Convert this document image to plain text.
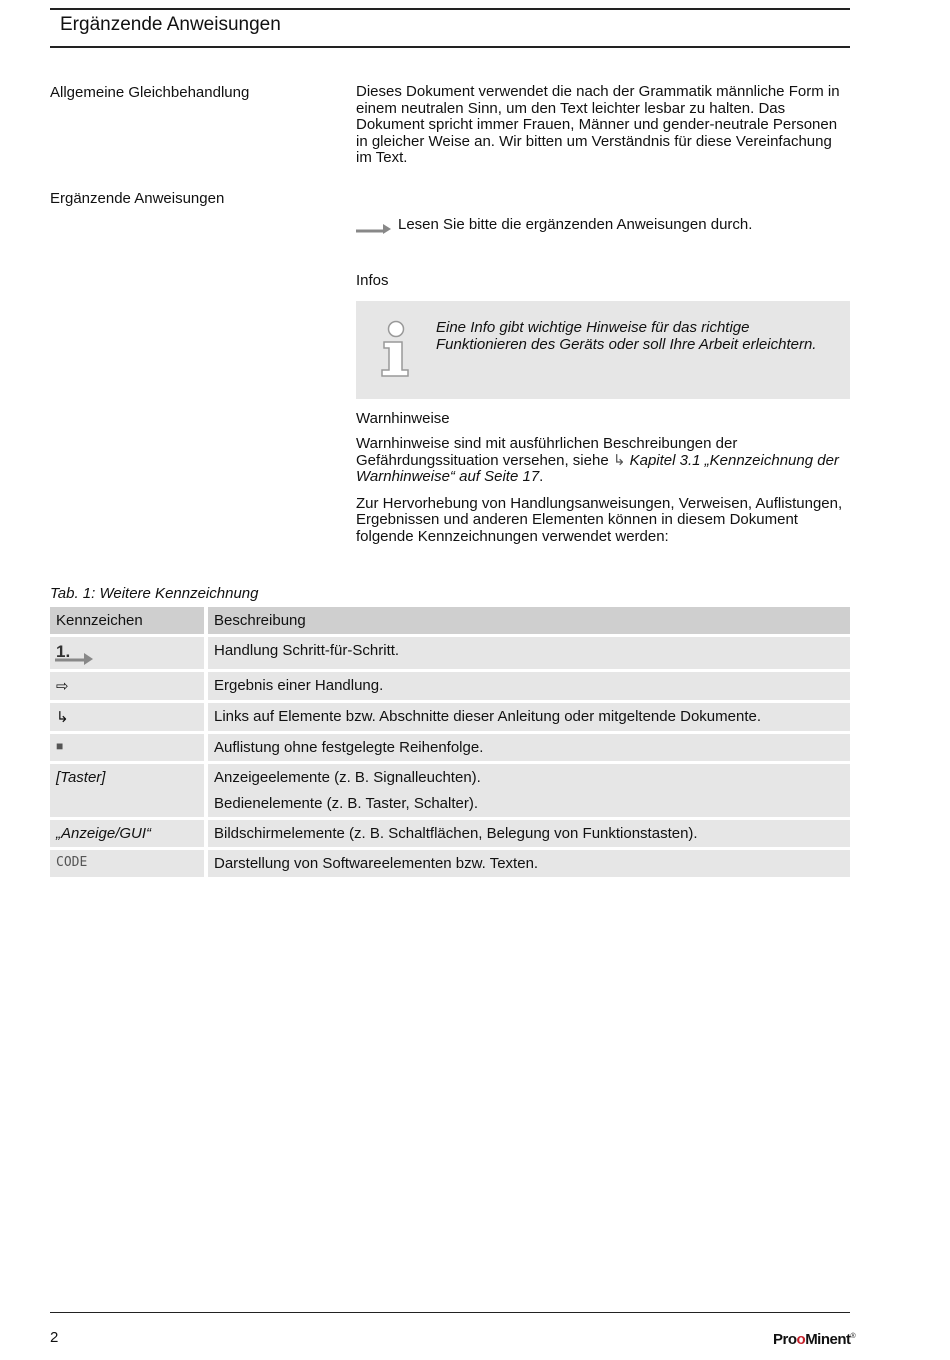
Ergänzende Anweisungen
Allgemeine Gleichbehandlung	Dieses Dokument verwendet die nach der Grammatik männliche Form in einem neutralen Sinn, um den Text leichter lesbar zu halten. Das Dokument spricht immer Frauen, Männer und gender-neutrale Personen in gleicher Weise an. Wir bitten um Verständnis für diese Vereinfachung im Text.

Ergänzende Anweisungen
Lesen Sie bitte die ergänzenden Anweisungen durch.
Infos
Eine Info gibt wichtige Hinweise für das richtige Funktionieren des Geräts oder soll Ihre Arbeit erleichtern.
Warnhinweise

Warnhinweise sind mit ausführlichen Beschreibungen der Gefährdungssituation versehen, siehe ↳ Kapitel 3.1 „Kennzeichnung der Warnhinweise“ auf Seite 17.

Zur Hervorhebung von Handlungsanweisungen, Verweisen, Auflistungen, Ergebnissen und anderen Elementen können in diesem Dokument folgende Kennzeichnungen verwendet werden:

Tab. 1: Weitere Kennzeichnung
Kennzeichen	Beschreibung
1.	Handlung Schritt-für-Schritt.
⇨	Ergebnis einer Handlung.
↳	Links auf Elemente bzw. Abschnitte dieser Anleitung oder mitgeltende Dokumente.
■	Auflistung ohne festgelegte Reihenfolge.
[Taster]	Anzeigeelemente (z. B. Signalleuchten).
Bedienelemente (z. B. Taster, Schalter).

„Anzeige/GUI“	Bildschirmelemente (z. B. Schaltflächen, Belegung von Funktionstasten).
CODE	Darstellung von Softwareelementen bzw. Texten.
2	ProoMinent®
